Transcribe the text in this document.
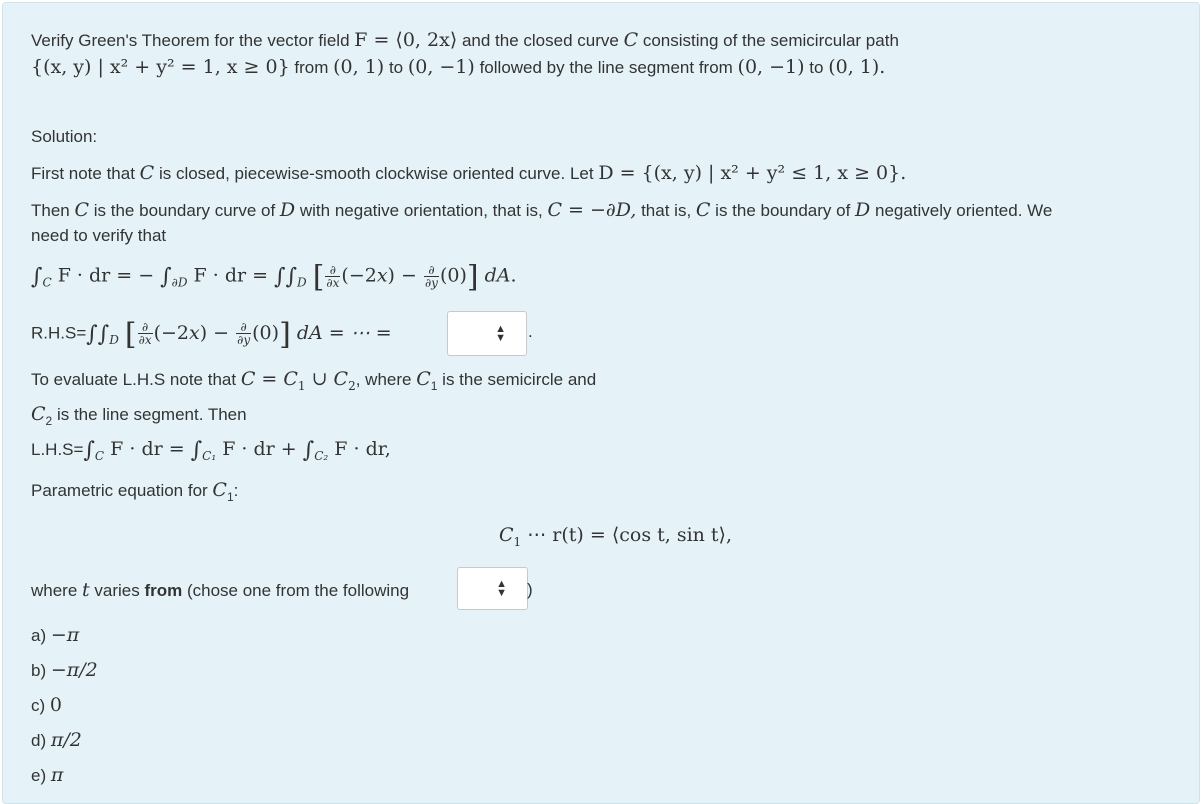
Verify Green's Theorem for the vector field F = ⟨0, 2x⟩ and the closed curve C consisting of the semicircular path
{(x, y) | x² + y² = 1, x ≥ 0} from (0, 1) to (0, −1) followed by the line segment from (0, −1) to (0, 1).
Solution:
First note that C is closed, piecewise-smooth clockwise oriented curve. Let D = {(x, y) | x² + y² ≤ 1, x ≥ 0}.
Then C is the boundary curve of D with negative orientation, that is, C = −∂D, that is, C is the boundary of D negatively oriented. We
need to verify that
$\int_C$ F · dr = − $\int_{\partial D}$ F · dr = $\int\int_D$ [ $\frac{\partial}{\partial x} (-2x) - \frac{\partial}{\partial y} (0)$] dA.
$R.H.S=\int\int_D$ [ $\frac{\partial}{\partial x} (-2x) - \frac{\partial}{\partial y} (0)$] dA = ⋯ =	▲
▼ .
To evaluate L.H.S note that $C = C_1$ ∪ $C_2$, where $C_1$ is the semicircle and
$C_2$ is the line segment. Then
$L.H.S=\int_C$ F · dr = $\int_{C_1}$ F · dr + $\int_{C_2}$ F · dr,
Parametric equation for $C_1$:
$C_1$ ⋯ r(t) = ⟨cos t, sin t⟩,
where t varies from (chose one from the following	▲
▼ )
a) −π
b) −π/2
c) 0
d) π/2
e) π
